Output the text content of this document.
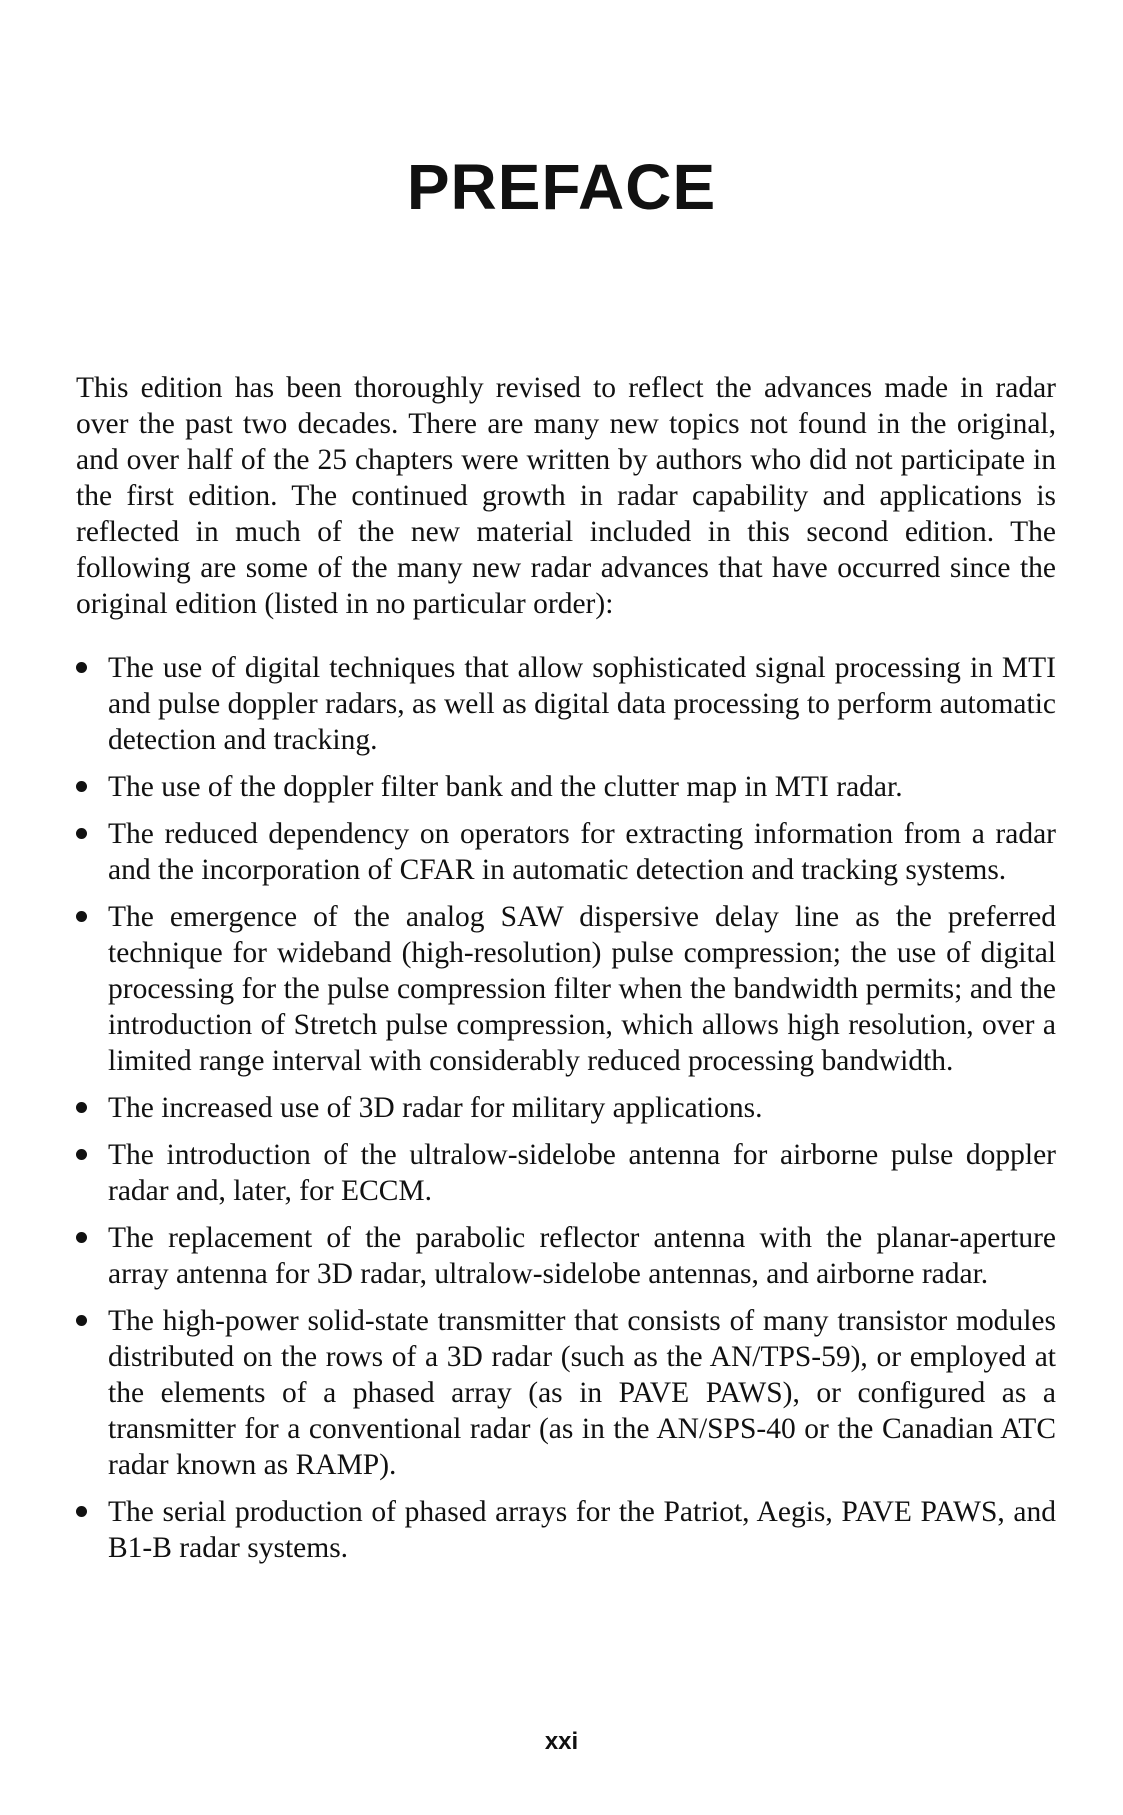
PREFACE

This edition has been thoroughly revised to reflect the advances made in radar over the past two decades. There are many new topics not found in the original, and over half of the 25 chapters were written by authors who did not participate in the first edition. The continued growth in radar capability and applications is reflected in much of the new material included in this second edition. The following are some of the many new radar advances that have occurred since the original edition (listed in no particular order):

The use of digital techniques that allow sophisticated signal processing in MTI and pulse doppler radars, as well as digital data processing to perform automatic detection and tracking.
The use of the doppler filter bank and the clutter map in MTI radar.
The reduced dependency on operators for extracting information from a radar and the incorporation of CFAR in automatic detection and tracking systems.
The emergence of the analog SAW dispersive delay line as the preferred technique for wideband (high-resolution) pulse compression; the use of digital processing for the pulse compression filter when the bandwidth permits; and the introduction of Stretch pulse compression, which allows high resolution, over a limited range interval with considerably reduced processing bandwidth.
The increased use of 3D radar for military applications.
The introduction of the ultralow-sidelobe antenna for airborne pulse doppler radar and, later, for ECCM.
The replacement of the parabolic reflector antenna with the planar-aperture array antenna for 3D radar, ultralow-sidelobe antennas, and airborne radar.
The high-power solid-state transmitter that consists of many transistor modules distributed on the rows of a 3D radar (such as the AN/TPS-59), or employed at the elements of a phased array (as in PAVE PAWS), or configured as a transmitter for a conventional radar (as in the AN/SPS-40 or the Canadian ATC radar known as RAMP).
The serial production of phased arrays for the Patriot, Aegis, PAVE PAWS, and B1-B radar systems.
xxi
